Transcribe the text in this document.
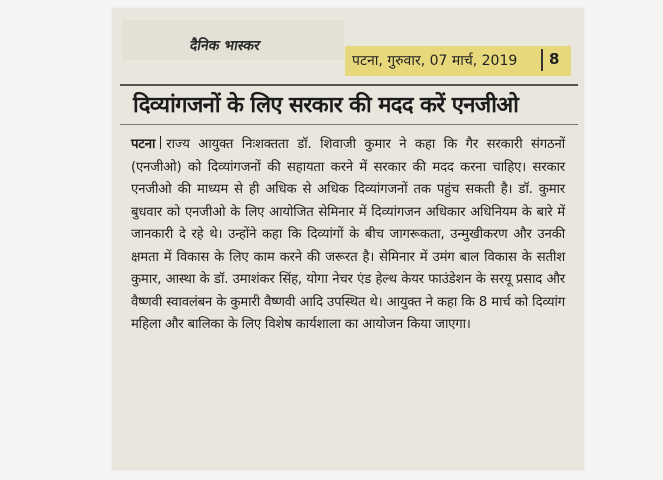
दैनिक भास्कर
पटना, गुरुवार, 07 मार्च, 2019 8
दिव्यांगजनों के लिए सरकार की मदद करें एनजीओ
पटना राज्य आयुक्त निःशक्तता डॉ. शिवाजी कुमार ने कहा कि गैर सरकारी संगठनों (एनजीओ) को दिव्यांगजनों की सहायता करने में सरकार की मदद करना चाहिए। सरकार एनजीओ की माध्यम से ही अधिक से अधिक दिव्यांगजनों तक पहुंच सकती है। डॉ. कुमार बुधवार को एनजीओ के लिए आयोजित सेमिनार में दिव्यांगजन अधिकार अधिनियम के बारे में जानकारी दे रहे थे। उन्होंने कहा कि दिव्यांगों के बीच जागरूकता, उन्मुखीकरण और उनकी क्षमता में विकास के लिए काम करने की जरूरत है। सेमिनार में उमंग बाल विकास के सतीश कुमार, आस्था के डॉ. उमाशंकर सिंह, योगा नेचर एंड हेल्थ केयर फाउंडेशन के सरयू प्रसाद और वैष्णवी स्वावलंबन के कुमारी वैष्णवी आदि उपस्थित थे। आयुक्त ने कहा कि 8 मार्च को दिव्यांग महिला और बालिका के लिए विशेष कार्यशाला का आयोजन किया जाएगा।
